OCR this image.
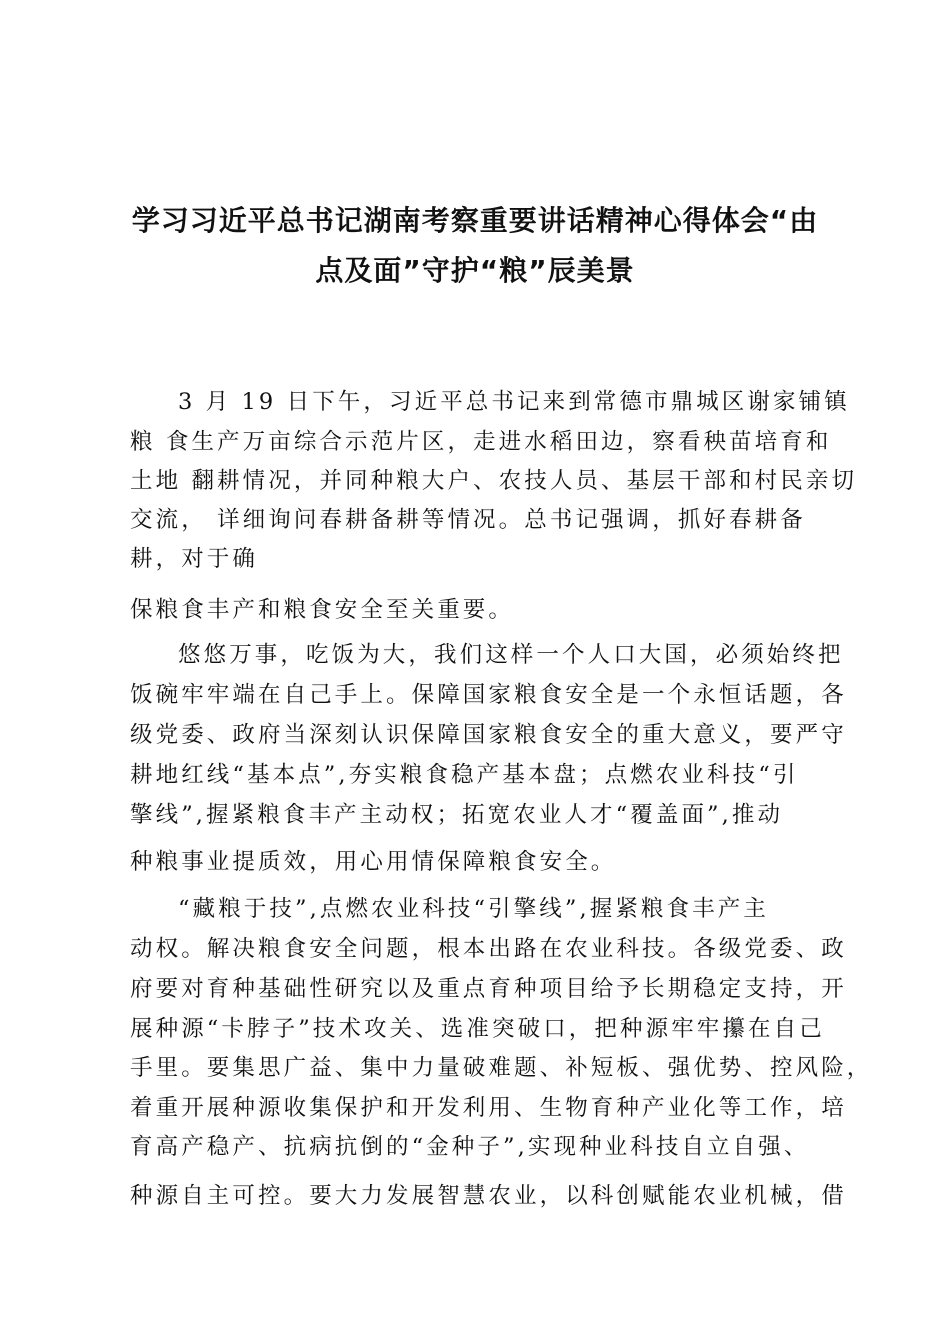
学习习近平总书记湖南考察重要讲话精神心得体会“由
点及面”守护“粮”辰美景
3 月 19 日下午，习近平总书记来到常德市鼎城区谢家铺镇
粮 食生产万亩综合示范片区，走进水稻田边，察看秧苗培育和
土地 翻耕情况，并同种粮大户、农技人员、基层干部和村民亲切
交流， 详细询问春耕备耕等情况。总书记强调，抓好春耕备
耕，对于确
保粮食丰产和粮食安全至关重要。
悠悠万事，吃饭为大，我们这样一个人口大国，必须始终把
饭碗牢牢端在自己手上。保障国家粮食安全是一个永恒话题，各
级党委、政府当深刻认识保障国家粮食安全的重大意义，要严守
耕地红线“基本点”,夯实粮食稳产基本盘；点燃农业科技“引
擎线”,握紧粮食丰产主动权；拓宽农业人才“覆盖面”,推动
种粮事业提质效，用心用情保障粮食安全。
“藏粮于技”,点燃农业科技“引擎线”,握紧粮食丰产主
动权。解决粮食安全问题，根本出路在农业科技。各级党委、政
府要对育种基础性研究以及重点育种项目给予长期稳定支持，开
展种源“卡脖子”技术攻关、选准突破口，把种源牢牢攥在自己
手里。要集思广益、集中力量破难题、补短板、强优势、控风险，
着重开展种源收集保护和开发利用、生物育种产业化等工作，培
育高产稳产、抗病抗倒的“金种子”,实现种业科技自立自强、
种源自主可控。要大力发展智慧农业，以科创赋能农业机械，借
